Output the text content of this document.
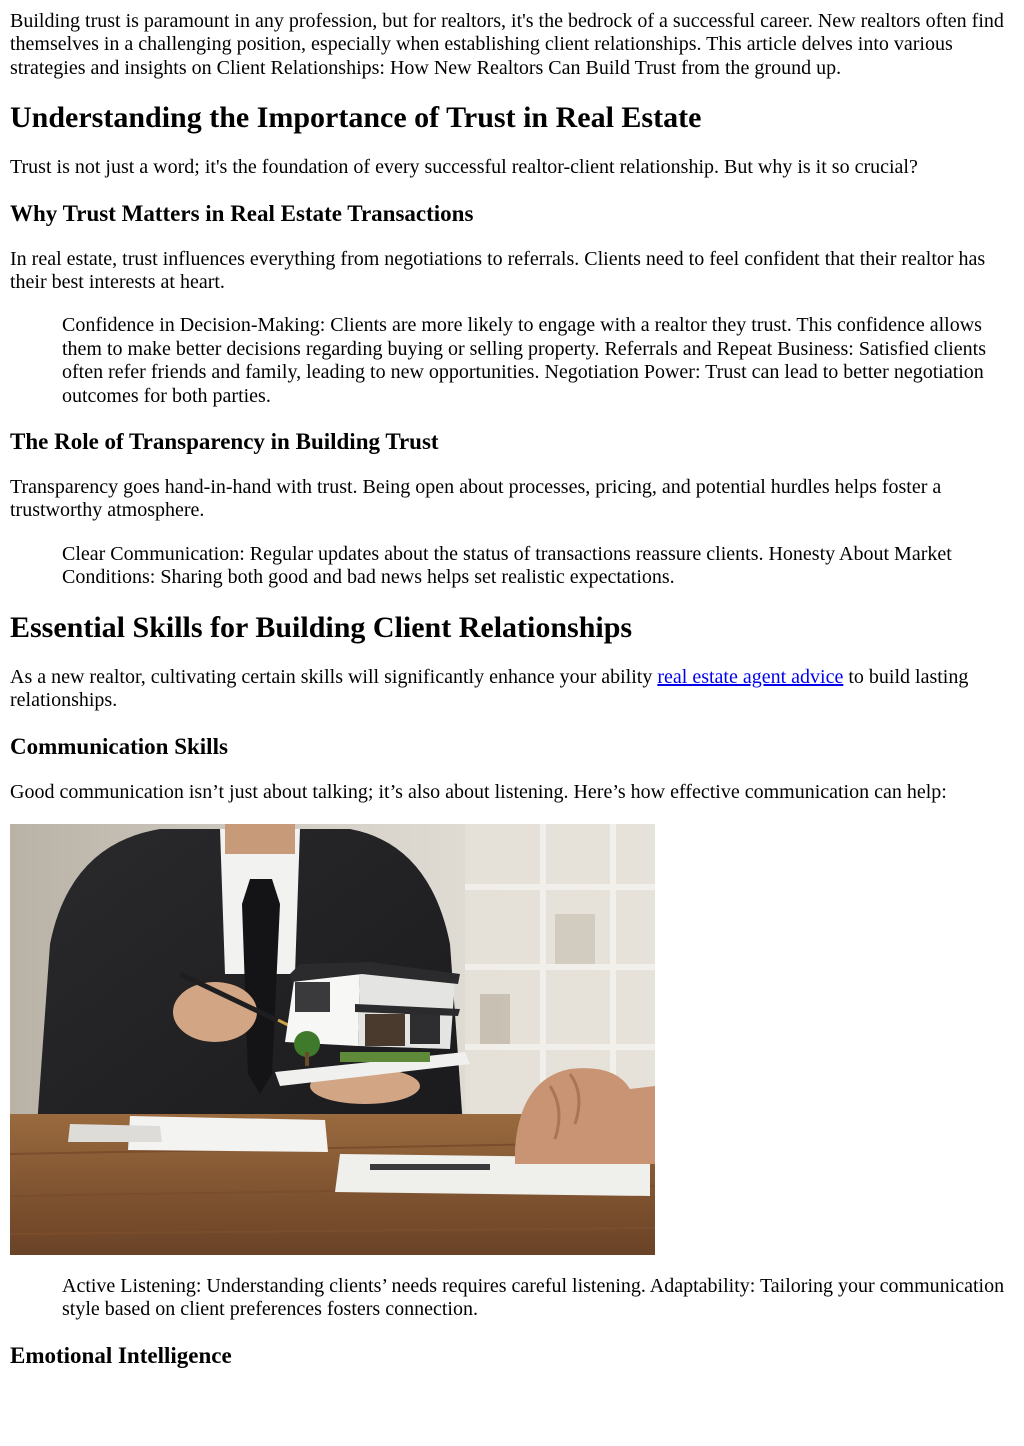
Building trust is paramount in any profession, but for realtors, it's the bedrock of a successful career. New realtors often find themselves in a challenging position, especially when establishing client relationships. This article delves into various strategies and insights on Client Relationships: How New Realtors Can Build Trust from the ground up.

Understanding the Importance of Trust in Real Estate

Trust is not just a word; it's the foundation of every successful realtor-client relationship. But why is it so crucial?

Why Trust Matters in Real Estate Transactions

In real estate, trust influences everything from negotiations to referrals. Clients need to feel confident that their realtor has their best interests at heart.

Confidence in Decision-Making: Clients are more likely to engage with a realtor they trust. This confidence allows them to make better decisions regarding buying or selling property. Referrals and Repeat Business: Satisfied clients often refer friends and family, leading to new opportunities. Negotiation Power: Trust can lead to better negotiation outcomes for both parties.
The Role of Transparency in Building Trust

Transparency goes hand-in-hand with trust. Being open about processes, pricing, and potential hurdles helps foster a trustworthy atmosphere.

Clear Communication: Regular updates about the status of transactions reassure clients. Honesty About Market Conditions: Sharing both good and bad news helps set realistic expectations.
Essential Skills for Building Client Relationships

As a new realtor, cultivating certain skills will significantly enhance your ability real estate agent advice to build lasting relationships.

Communication Skills

Good communication isn’t just about talking; it’s also about listening. Here’s how effective communication can help:

Active Listening: Understanding clients’ needs requires careful listening. Adaptability: Tailoring your communication style based on client preferences fosters connection.
Emotional Intelligence
